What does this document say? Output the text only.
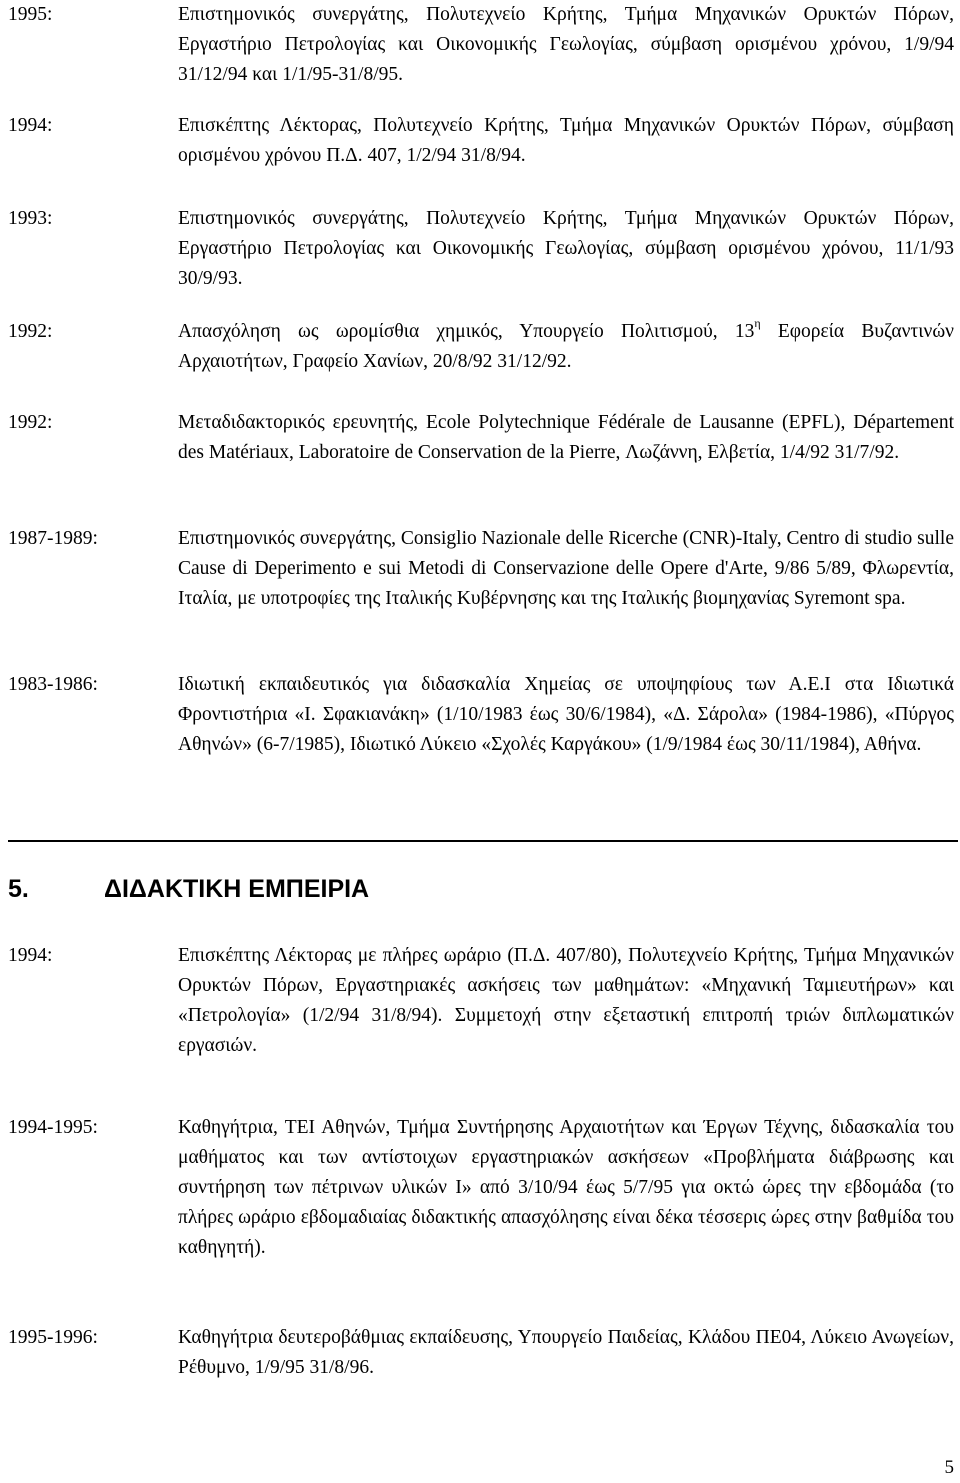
1995:	Επιστημονικός συνεργάτης, Πολυτεχνείο Κρήτης, Τμήμα Μηχανικών Ορυκτών Πόρων, Εργαστήριο Πετρολογίας και Οικονομικής Γεωλογίας, σύμβαση ορισμένου χρόνου, 1/9/94 31/12/94 και 1/1/95-31/8/95.
1994:	Επισκέπτης Λέκτορας, Πολυτεχνείο Κρήτης, Τμήμα Μηχανικών Ορυκτών Πόρων, σύμβαση ορισμένου χρόνου Π.Δ. 407, 1/2/94 31/8/94.
1993:	Επιστημονικός συνεργάτης, Πολυτεχνείο Κρήτης, Τμήμα Μηχανικών Ορυκτών Πόρων, Εργαστήριο Πετρολογίας και Οικονομικής Γεωλογίας, σύμβαση ορισμένου χρόνου, 11/1/93 30/9/93.
1992:	Απασχόληση ως ωρομίσθια χημικός, Υπουργείο Πολιτισμού, $13^\eta$ Εφορεία Βυζαντινών Αρχαιοτήτων, Γραφείο Χανίων, 20/8/92 31/12/92.
1992:	Μεταδιδακτορικός ερευνητής, Ecole Polytechnique Fédérale de Lausanne (EPFL), Département des Matériaux, Laboratoire de Conservation de la Pierre, Λωζάννη, Ελβετία, 1/4/92 31/7/92.
1987-1989:	Επιστημονικός συνεργάτης, Consiglio Nazionale delle Ricerche (CNR)-Italy, Centro di studio sulle Cause di Deperimento e sui Metodi di Conservazione delle Opere d'Arte, 9/86 5/89, Φλωρεντία, Ιταλία, με υποτροφίες της Ιταλικής Κυβέρνησης και της Ιταλικής βιομηχανίας Syremont spa.
1983-1986:	Ιδιωτική εκπαιδευτικός για διδασκαλία Χημείας σε υποψηφίους των Α.Ε.Ι στα Ιδιωτικά Φροντιστήρια «Ι. Σφακιανάκη» (1/10/1983 έως 30/6/1984), «Δ. Σάρολα» (1984-1986), «Πύργος Αθηνών» (6-7/1985), Ιδιωτικό Λύκειο «Σχολές Καργάκου» (1/9/1984 έως 30/11/1984), Αθήνα.
5.	ΔΙΔΑΚΤΙΚΗ ΕΜΠΕΙΡΙΑ
1994:	Επισκέπτης Λέκτορας με πλήρες ωράριο (Π.Δ. 407/80), Πολυτεχνείο Κρήτης, Τμήμα Μηχανικών Ορυκτών Πόρων, Εργαστηριακές ασκήσεις των μαθημάτων: «Μηχανική Ταμιευτήρων» και «Πετρολογία» (1/2/94 31/8/94). Συμμετοχή στην εξεταστική επιτροπή τριών διπλωματικών εργασιών.
1994-1995:	Καθηγήτρια, ΤΕΙ Αθηνών, Τμήμα Συντήρησης Αρχαιοτήτων και Έργων Τέχνης, διδασκαλία του μαθήματος και των αντίστοιχων εργαστηριακών ασκήσεων «Προβλήματα διάβρωσης και συντήρηση των πέτρινων υλικών Ι» από 3/10/94 έως 5/7/95 για οκτώ ώρες την εβδομάδα (το πλήρες ωράριο εβδομαδιαίας διδακτικής απασχόλησης είναι δέκα τέσσερις ώρες στην βαθμίδα του καθηγητή).
1995-1996:	Καθηγήτρια δευτεροβάθμιας εκπαίδευσης, Υπουργείο Παιδείας, Κλάδου ΠΕ04, Λύκειο Ανωγείων, Ρέθυμνο, 1/9/95 31/8/96.
5
